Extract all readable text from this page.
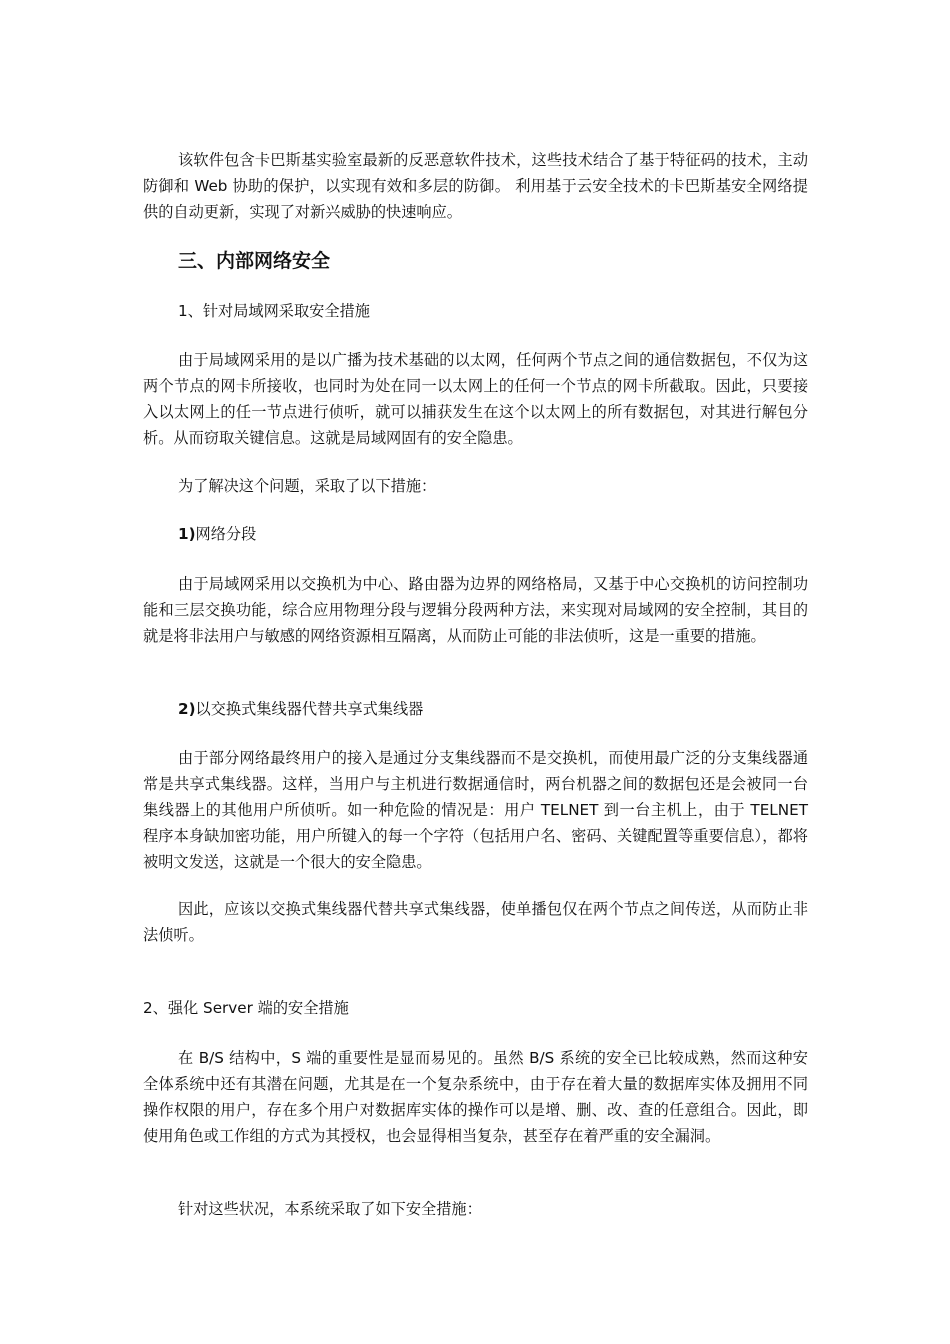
该软件包含卡巴斯基实验室最新的反恶意软件技术，这些技术结合了基于特征码的技术，主动防御和 Web 协助的保护，以实现有效和多层的防御。 利用基于云安全技术的卡巴斯基安全网络提供的自动更新，实现了对新兴威胁的快速响应。

三、内部网络安全

1、针对局域网采取安全措施

由于局域网采用的是以广播为技术基础的以太网，任何两个节点之间的通信数据包，不仅为这两个节点的网卡所接收，也同时为处在同一以太网上的任何一个节点的网卡所截取。因此，只要接入以太网上的任一节点进行侦听，就可以捕获发生在这个以太网上的所有数据包，对其进行解包分析。从而窃取关键信息。这就是局域网固有的安全隐患。

为了解决这个问题，采取了以下措施：

1)网络分段

由于局域网采用以交换机为中心、路由器为边界的网络格局，又基于中心交换机的访问控制功能和三层交换功能，综合应用物理分段与逻辑分段两种方法，来实现对局域网的安全控制，其目的就是将非法用户与敏感的网络资源相互隔离，从而防止可能的非法侦听，这是一重要的措施。

2)以交换式集线器代替共享式集线器

由于部分网络最终用户的接入是通过分支集线器而不是交换机，而使用最广泛的分支集线器通常是共享式集线器。这样，当用户与主机进行数据通信时，两台机器之间的数据包还是会被同一台集线器上的其他用户所侦听。如一种危险的情况是：用户 TELNET 到一台主机上，由于 TELNET 程序本身缺加密功能，用户所键入的每一个字符（包括用户名、密码、关键配置等重要信息），都将被明文发送，这就是一个很大的安全隐患。

因此，应该以交换式集线器代替共享式集线器，使单播包仅在两个节点之间传送，从而防止非法侦听。

2、强化 Server 端的安全措施

在 B/S 结构中，S 端的重要性是显而易见的。虽然 B/S 系统的安全已比较成熟，然而这种安全体系统中还有其潜在问题，尤其是在一个复杂系统中，由于存在着大量的数据库实体及拥用不同操作权限的用户，存在多个用户对数据库实体的操作可以是增、删、改、查的任意组合。因此，即使用角色或工作组的方式为其授权，也会显得相当复杂，甚至存在着严重的安全漏洞。

针对这些状况，本系统采取了如下安全措施：
